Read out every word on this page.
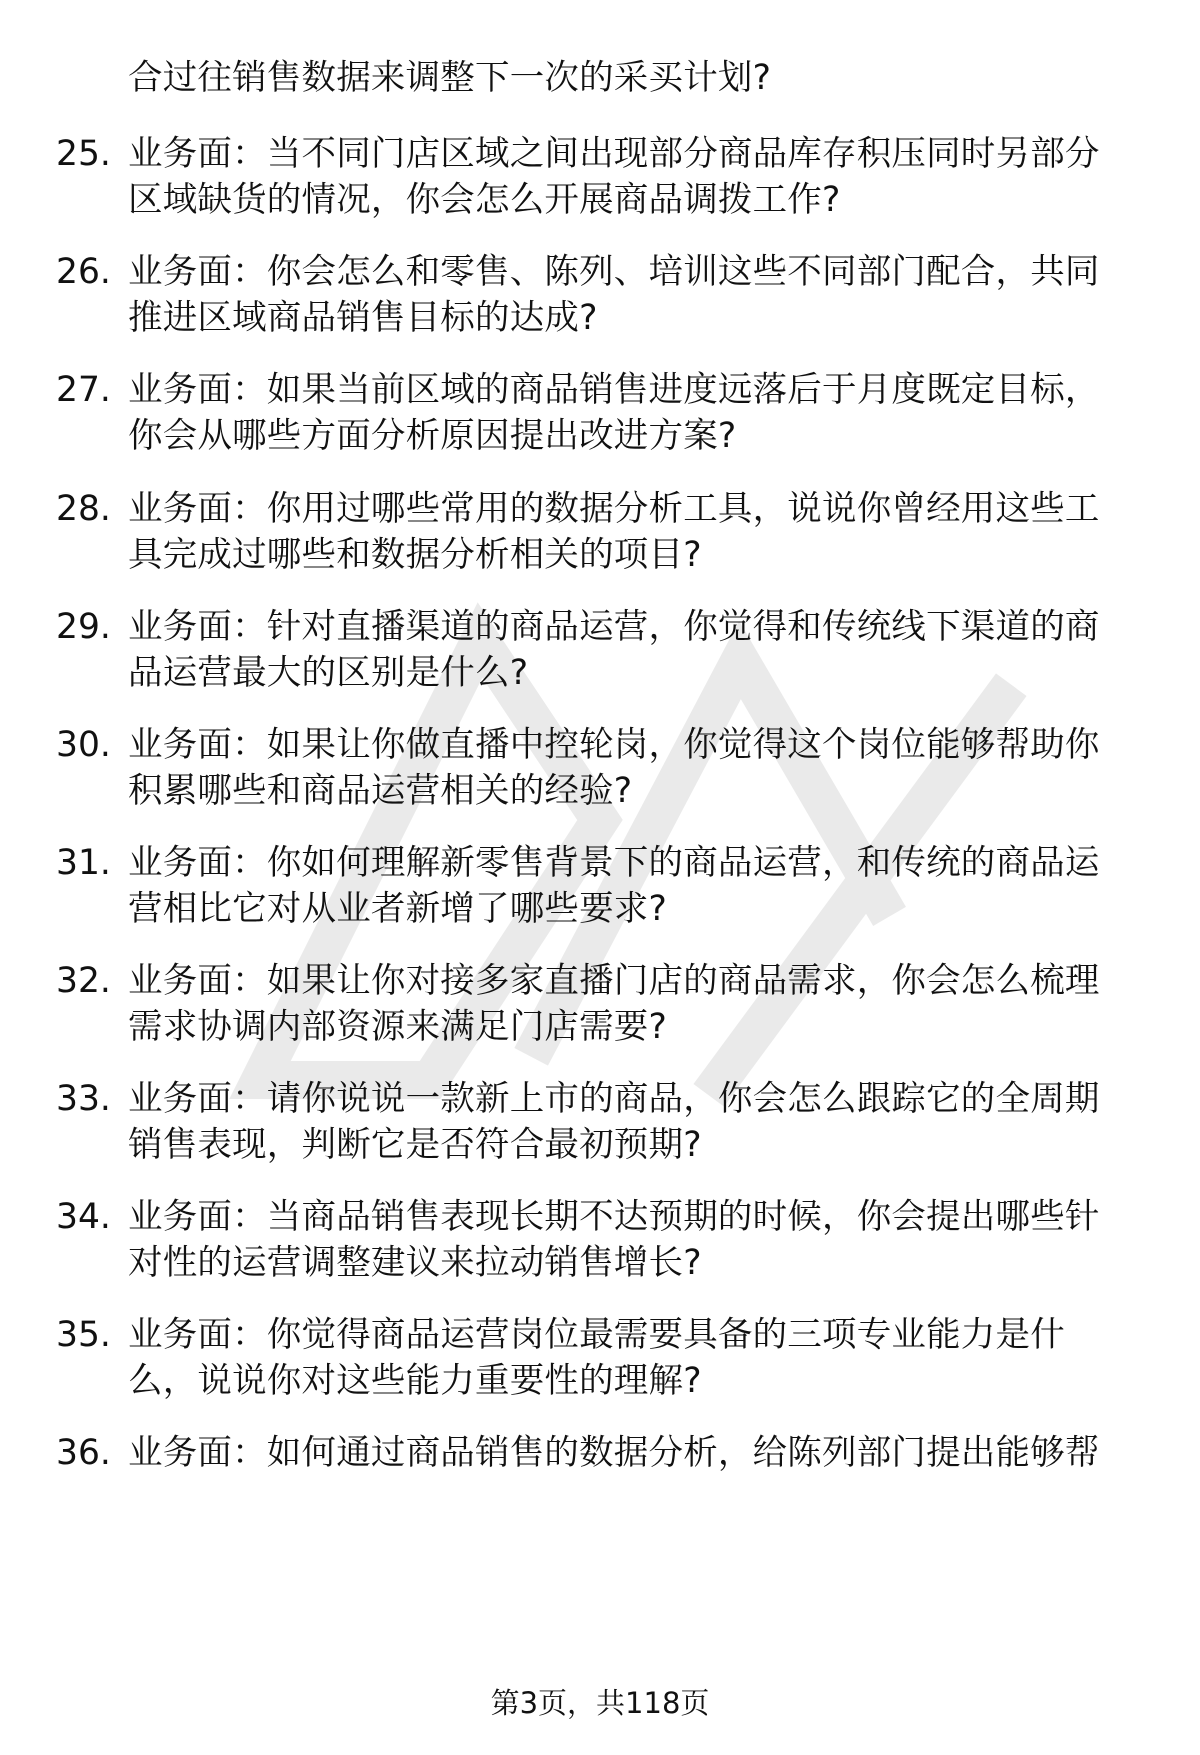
合过往销售数据来调整下一次的采买计划?
25. 业务面：当不同门店区域之间出现部分商品库存积压同时另部分
区域缺货的情况，你会怎么开展商品调拨工作?
26. 业务面：你会怎么和零售、陈列、培训这些不同部门配合，共同
推进区域商品销售目标的达成?
27. 业务面：如果当前区域的商品销售进度远落后于月度既定目标，
你会从哪些方面分析原因提出改进方案?
28. 业务面：你用过哪些常用的数据分析工具，说说你曾经用这些工
具完成过哪些和数据分析相关的项目?
29. 业务面：针对直播渠道的商品运营，你觉得和传统线下渠道的商
品运营最大的区别是什么?
30. 业务面：如果让你做直播中控轮岗，你觉得这个岗位能够帮助你
积累哪些和商品运营相关的经验?
31. 业务面：你如何理解新零售背景下的商品运营，和传统的商品运
营相比它对从业者新增了哪些要求?
32. 业务面：如果让你对接多家直播门店的商品需求，你会怎么梳理
需求协调内部资源来满足门店需要?
33. 业务面：请你说说一款新上市的商品，你会怎么跟踪它的全周期
销售表现，判断它是否符合最初预期?
34. 业务面：当商品销售表现长期不达预期的时候，你会提出哪些针
对性的运营调整建议来拉动销售增长?
35. 业务面：你觉得商品运营岗位最需要具备的三项专业能力是什
么，说说你对这些能力重要性的理解?
36. 业务面：如何通过商品销售的数据分析，给陈列部门提出能够帮
第3页，共118页
